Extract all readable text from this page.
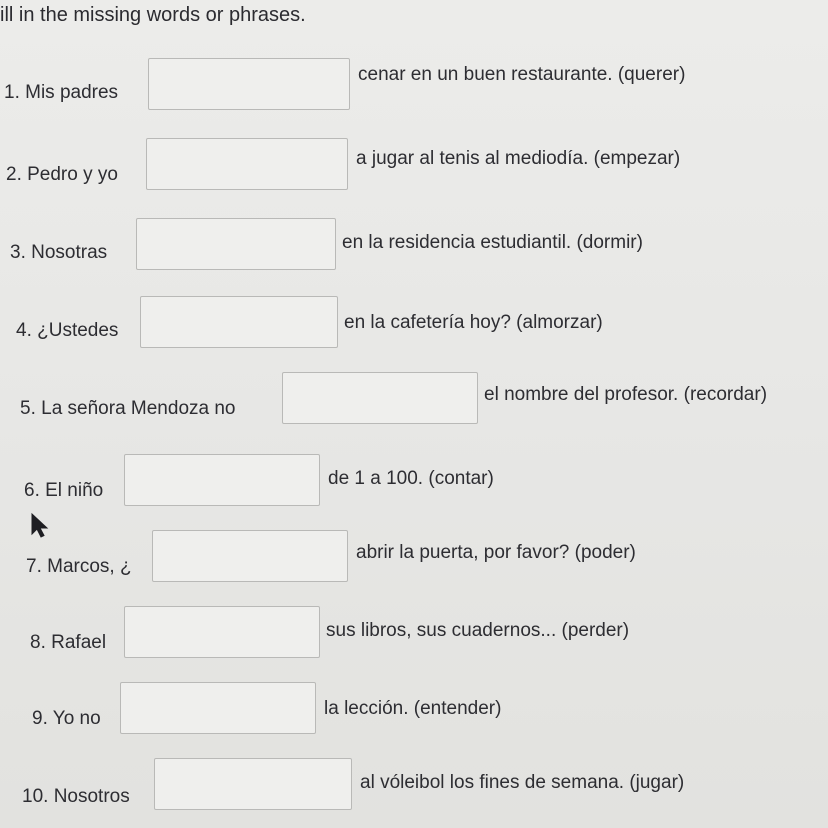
ill in the missing words or phrases.
1. Mis padres
cenar en un buen restaurante. (querer)
2. Pedro y yo
a jugar al tenis al mediodía. (empezar)
3. Nosotras	en la residencia estudiantil. (dormir)
4. ¿Ustedes	en la cafetería hoy? (almorzar)
5. La señora Mendoza no
el nombre del profesor. (recordar)
6. El niño
de 1 a 100. (contar)
7. Marcos, ¿
abrir la puerta, por favor? (poder)
8. Rafael
sus libros, sus cuadernos... (perder)
9. Yo no	la lección. (entender)
10. Nosotros
al vóleibol los fines de semana. (jugar)
